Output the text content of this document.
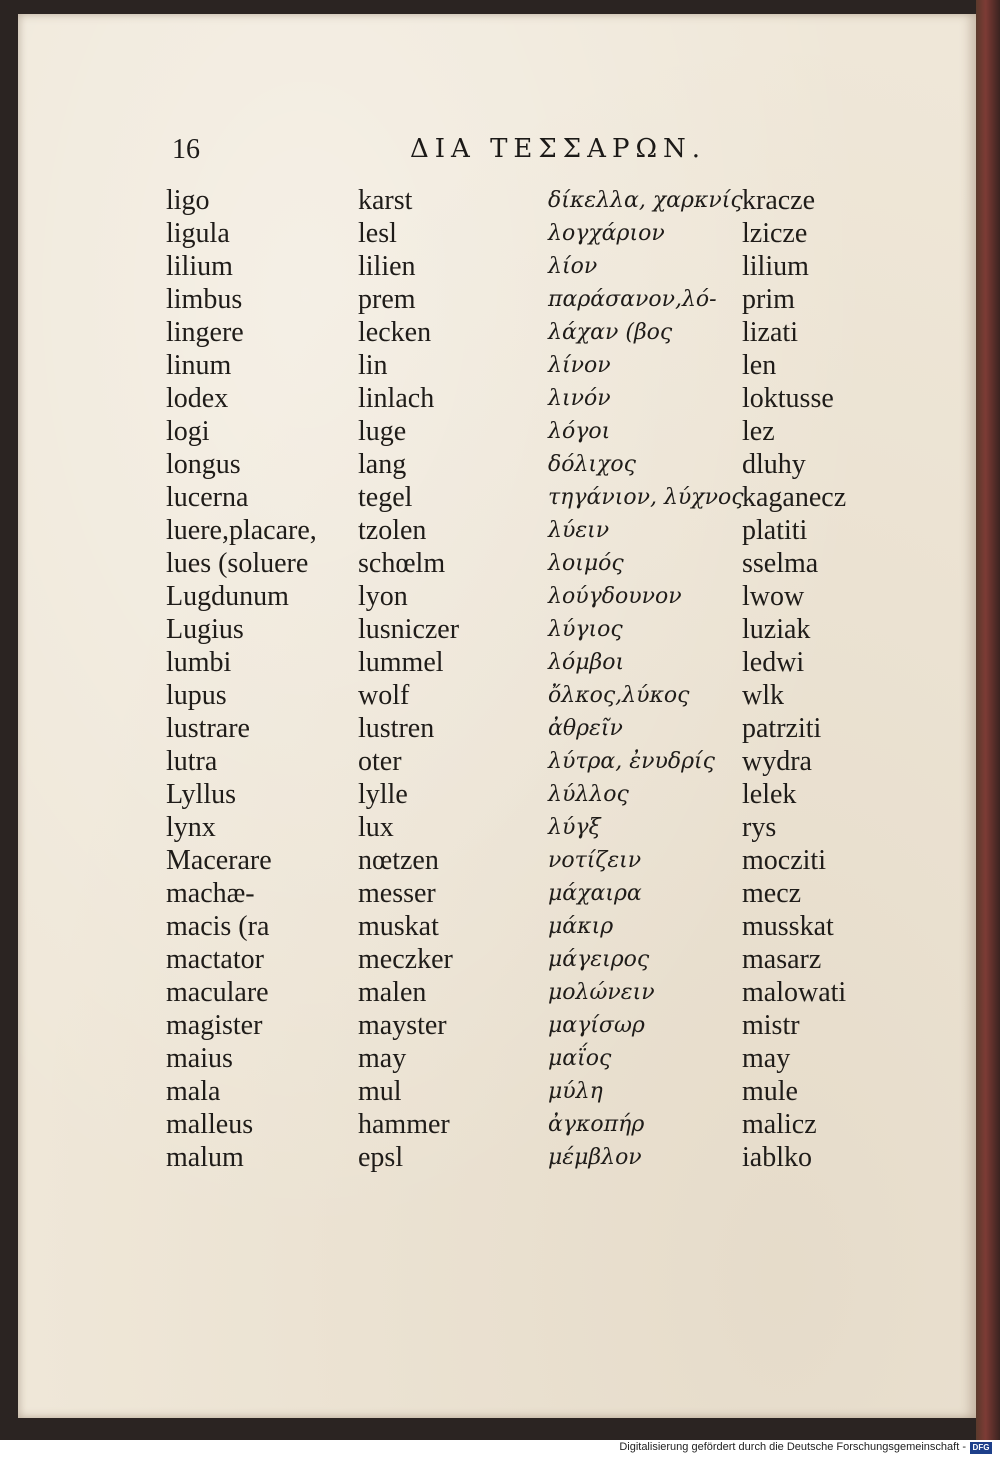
16	ΔΙΑ ΤΕΣΣΑΡΩΝ.
ligo
ligula
lilium
limbus
lingere
linum
lodex
logi
longus
lucerna
luere,placare,
lues (soluere
Lugdunum
Lugius
lumbi
lupus
lustrare
lutra
Lyllus
lynx
Macerare
machæ-
macis (ra
mactator
maculare
magister
maius
mala
malleus
malum
karst
lesl
lilien
prem
lecken
lin
linlach
luge
lang
tegel
tzolen
schœlm
lyon
lusniczer
lummel
wolf
lustren
oter
lylle
lux
nœtzen
messer
muskat
meczker
malen
mayster
may
mul
hammer
epsl
δίκελλα, χαρκνίς
λογχάριον
λίον
παράσανον,λό-
λάχαν (βος
λίνον
λινόν
λόγοι
δόλιχος
τηγάνιον, λύχνος
λύειν
λοιμός
λούγδουνον
λύγιος
λόμβοι
ὄλκος,λύκος
ἀθρεῖν
λύτρα, ἐνυδρίς
λύλλος
λύγξ
νοτίζειν
μάχαιρα
μάκιρ
μάγειρος
μολώνειν
μαγίσωρ
μαΐος
μύλη
ἀγκοπήρ
μέμβλον
kracze
lzicze
lilium
prim
lizati
len
loktusse
lez
dluhy
kaganecz
platiti
sselma
lwow
luziak
ledwi
wlk
patrziti
wydra
lelek
rys
mocziti
mecz
musskat
masarz
malowati
mistr
may
mule
malicz
iablko
Digitalisierung gefördert durch die Deutsche Forschungsgemeinschaft - DFG
